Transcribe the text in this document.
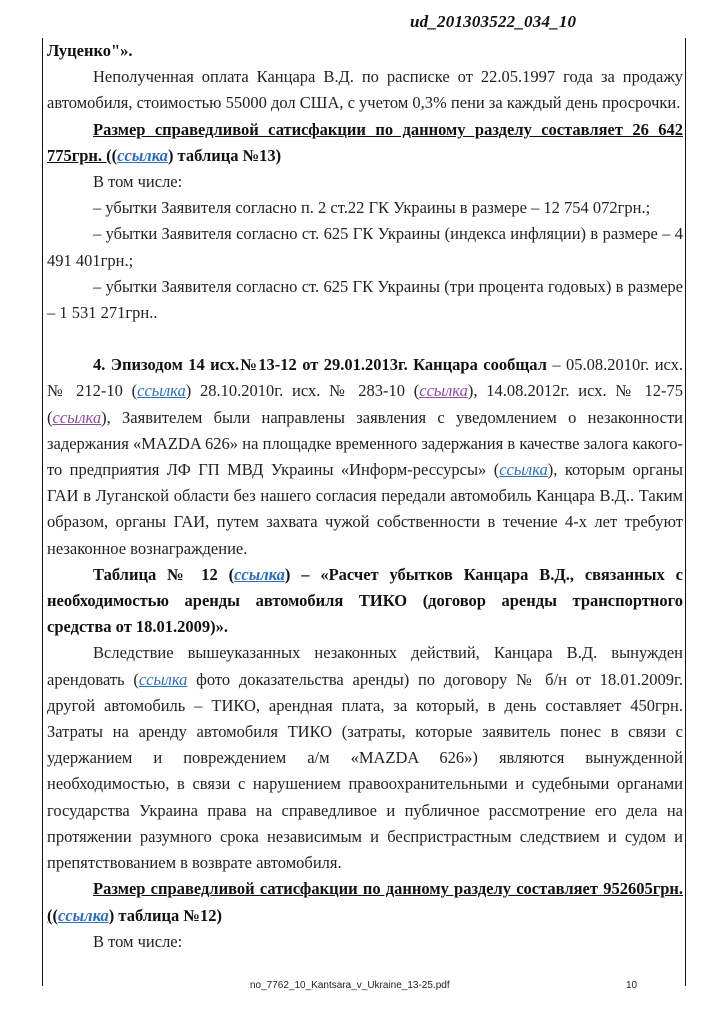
ud_201303522_034_10

Луценко"».

Неполученная оплата Канцара В.Д. по расписке от 22.05.1997 года за продажу автомобиля, стоимостью 55000 дол США, с учетом 0,3% пени за каждый день просрочки.

Размер справедливой сатисфакции по данному разделу составляет 26 642 775грн. ((ссылка) таблица №13)

В том числе:

– убытки Заявителя согласно п. 2 ст.22 ГК Украины в размере – 12 754 072грн.;

– убытки Заявителя согласно ст. 625 ГК Украины (индекса инфляции) в размере – 4 491 401грн.;

– убытки Заявителя согласно ст. 625 ГК Украины (три процента годовых) в размере – 1 531 271грн..

4. Эпизодом 14 исх.№13-12 от 29.01.2013г. Канцара сообщал – 05.08.2010г. исх. № 212-10 (ссылка) 28.10.2010г. исх. № 283-10 (ссылка), 14.08.2012г. исх. № 12-75 (ссылка), Заявителем были направлены заявления с уведомлением о незаконности задержания «MAZDA 626» на площадке временного задержания в качестве залога какого-то предприятия ЛФ ГП МВД Украины «Информ-рессурсы» (ссылка), которым органы ГАИ в Луганской области без нашего согласия передали автомобиль Канцара В.Д.. Таким образом, органы ГАИ, путем захвата чужой собственности в течение 4-х лет требуют незаконное вознаграждение.

Таблица № 12 (ссылка) – «Расчет убытков Канцара В.Д., связанных с необходимостью аренды автомобиля ТИКО (договор аренды транспортного средства от 18.01.2009)».

Вследствие вышеуказанных незаконных действий, Канцара В.Д. вынужден арендовать (ссылка фото доказательства аренды) по договору № б/н от 18.01.2009г. другой автомобиль – ТИКО, арендная плата, за который, в день составляет 450грн. Затраты на аренду автомобиля ТИКО (затраты, которые заявитель понес в связи с удержанием и повреждением а/м «MAZDA 626») являются вынужденной необходимостью, в связи с нарушением правоохранительными и судебными органами государства Украина права на справедливое и публичное рассмотрение его дела на протяжении разумного срока независимым и беспристрастным следствием и судом и препятствованием в возврате автомобиля.

Размер справедливой сатисфакции по данному разделу составляет 952605грн. ((ссылка) таблица №12)

В том числе:

no_7762_10_Kantsara_v_Ukraine_13-25.pdf	10
